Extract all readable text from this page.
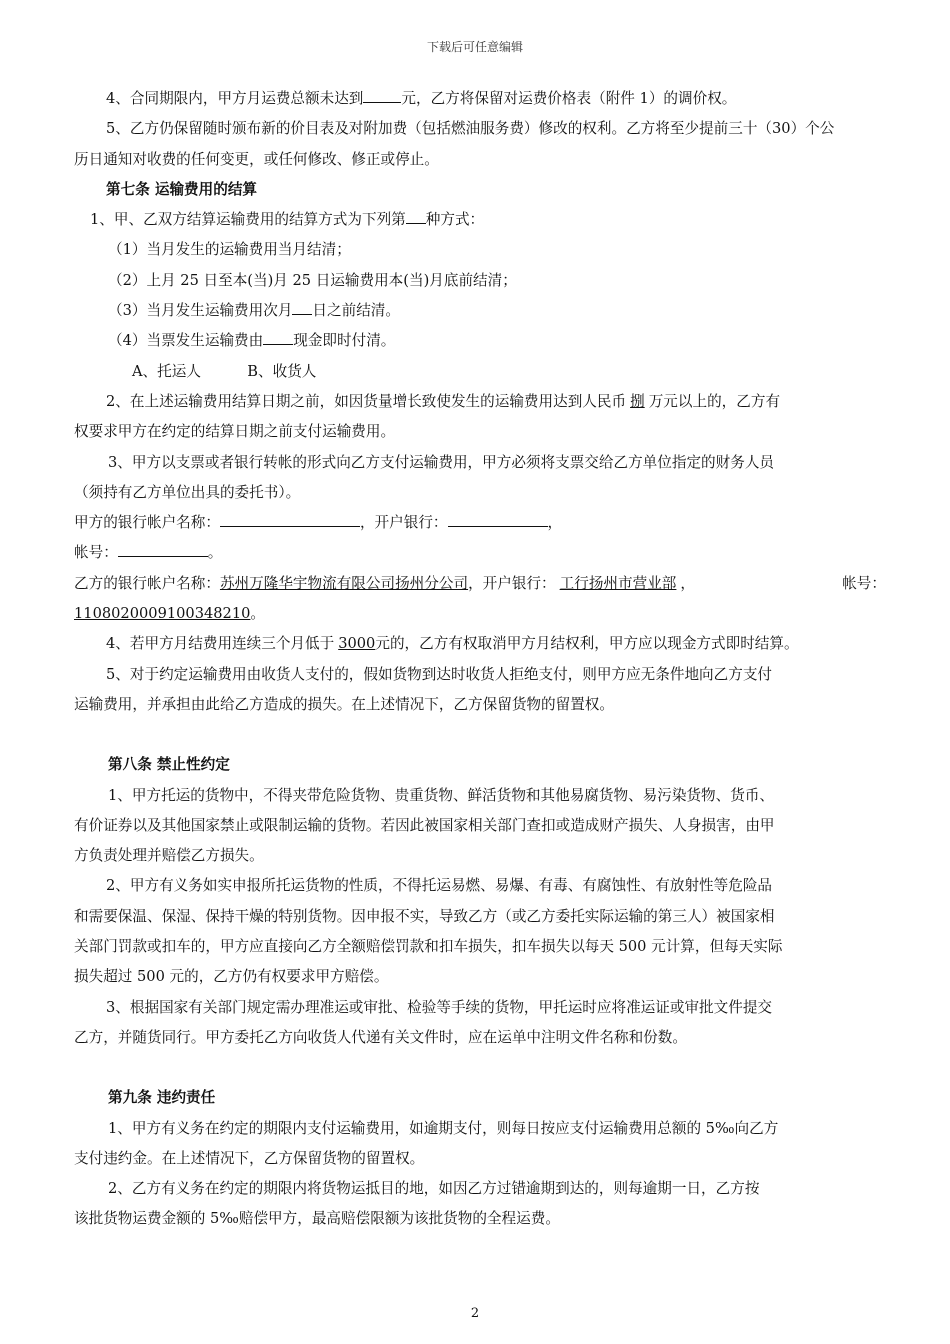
下载后可任意编辑

4、合同期限内，甲方月运费总额未达到	元，乙方将保留对运费价格表（附件 1）的调价权。

5、乙方仍保留随时颁布新的价目表及对附加费（包括燃油服务费）修改的权利。乙方将至少提前三十（30）个公

历日通知对收费的任何变更，或任何修改、修正或停止。

第七条 运输费用的结算

1、甲、乙双方结算运输费用的结算方式为下列第 种方式：

（1）当月发生的运输费用当月结清；

（2）上月 25 日至本(当)月 25 日运输费用本(当)月底前结清；

（3）当月发生运输费用次月 日之前结清。

（4）当票发生运输费由 现金即时付清。

A、托运人          B、收货人

2、在上述运输费用结算日期之前，如因货量增长致使发生的运输费用达到人民币 捌 万元以上的，乙方有

权要求甲方在约定的结算日期之前支付运输费用。

3、甲方以支票或者银行转帐的形式向乙方支付运输费用，甲方必须将支票交给乙方单位指定的财务人员

（须持有乙方单位出具的委托书）。

甲方的银行帐户名称：	，开户银行：	，

帐号：	。

乙方的银行帐户名称：苏州万隆华宇物流有限公司扬州分公司，开户银行： 工行扬州市营业部 ，	帐号：

1108020009100348210。

4、若甲方月结费用连续三个月低于 3000元的，乙方有权取消甲方月结权利，甲方应以现金方式即时结算。

5、对于约定运输费用由收货人支付的，假如货物到达时收货人拒绝支付，则甲方应无条件地向乙方支付

运输费用，并承担由此给乙方造成的损失。在上述情况下，乙方保留货物的留置权。

第八条 禁止性约定

1、甲方托运的货物中，不得夹带危险货物、贵重货物、鲜活货物和其他易腐货物、易污染货物、货币、

有价证券以及其他国家禁止或限制运输的货物。若因此被国家相关部门查扣或造成财产损失、人身损害，由甲

方负责处理并赔偿乙方损失。

2、甲方有义务如实申报所托运货物的性质，不得托运易燃、易爆、有毒、有腐蚀性、有放射性等危险品

和需要保温、保湿、保持干燥的特别货物。因申报不实，导致乙方（或乙方委托实际运输的第三人）被国家相

关部门罚款或扣车的，甲方应直接向乙方全额赔偿罚款和扣车损失，扣车损失以每天 500 元计算，但每天实际

损失超过 500 元的，乙方仍有权要求甲方赔偿。

3、根据国家有关部门规定需办理准运或审批、检验等手续的货物，甲托运时应将准运证或审批文件提交

乙方，并随货同行。甲方委托乙方向收货人代递有关文件时，应在运单中注明文件名称和份数。

第九条 违约责任

1、甲方有义务在约定的期限内支付运输费用，如逾期支付，则每日按应支付运输费用总额的 5‰向乙方

支付违约金。在上述情况下，乙方保留货物的留置权。

2、乙方有义务在约定的期限内将货物运抵目的地，如因乙方过错逾期到达的，则每逾期一日，乙方按

该批货物运费金额的 5‰赔偿甲方，最高赔偿限额为该批货物的全程运费。

2
